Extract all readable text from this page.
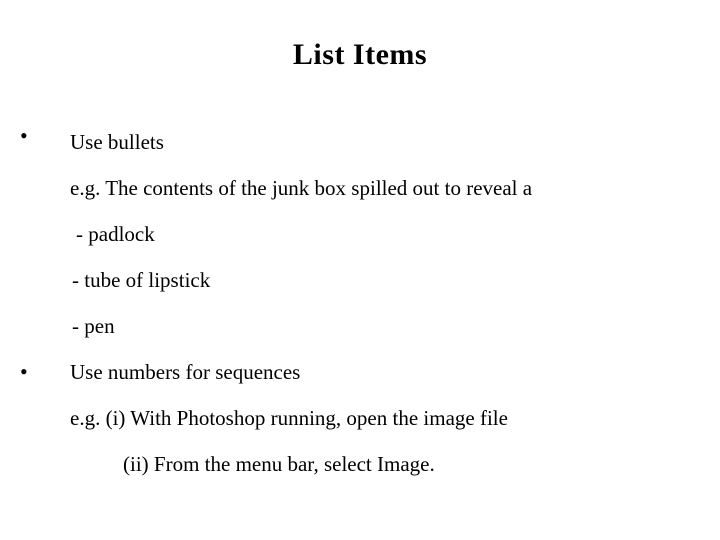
List Items
• Use bullets
e.g. The contents of the junk box spilled out to reveal a
- padlock
- tube of lipstick
- pen
• Use numbers for sequences
e.g. (i) With Photoshop running, open the image file
(ii) From the menu bar, select Image.
